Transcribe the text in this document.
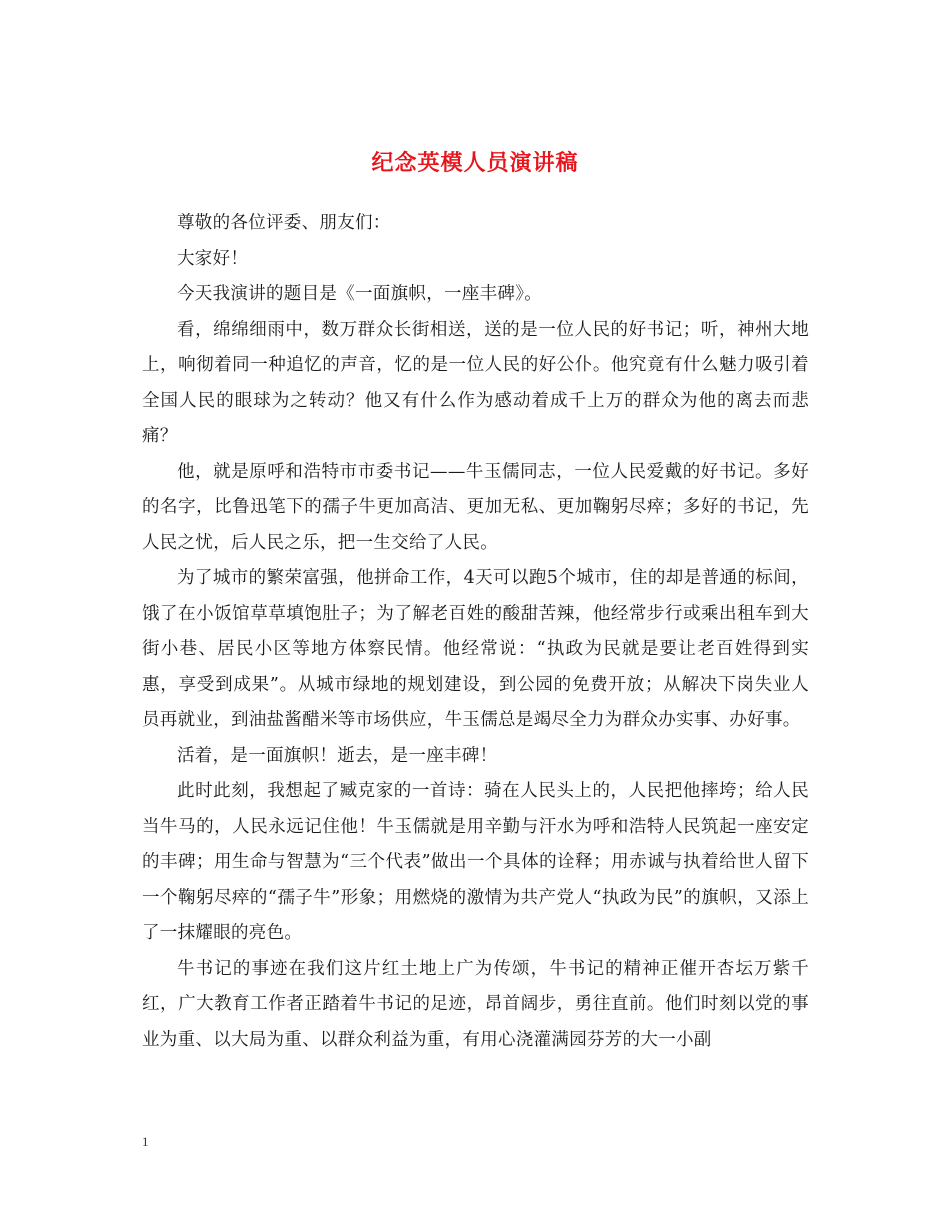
纪念英模人员演讲稿

尊敬的各位评委、朋友们：

大家好！

今天我演讲的题目是《一面旗帜，一座丰碑》。

看，绵绵细雨中，数万群众长街相送，送的是一位人民的好书记；听，神州大地上，响彻着同一种追忆的声音，忆的是一位人民的好公仆。他究竟有什么魅力吸引着全国人民的眼球为之转动？他又有什么作为感动着成千上万的群众为他的离去而悲痛？

他，就是原呼和浩特市市委书记——牛玉儒同志，一位人民爱戴的好书记。多好的名字，比鲁迅笔下的孺子牛更加高洁、更加无私、更加鞠躬尽瘁；多好的书记，先人民之忧，后人民之乐，把一生交给了人民。

为了城市的繁荣富强，他拼命工作，4天可以跑5个城市，住的却是普通的标间，饿了在小饭馆草草填饱肚子；为了解老百姓的酸甜苦辣，他经常步行或乘出租车到大街小巷、居民小区等地方体察民情。他经常说：“执政为民就是要让老百姓得到实惠，享受到成果”。从城市绿地的规划建设，到公园的免费开放；从解决下岗失业人员再就业，到油盐酱醋米等市场供应，牛玉儒总是竭尽全力为群众办实事、办好事。

活着，是一面旗帜！逝去，是一座丰碑！

此时此刻，我想起了臧克家的一首诗：骑在人民头上的，人民把他摔垮；给人民当牛马的，人民永远记住他！牛玉儒就是用辛勤与汗水为呼和浩特人民筑起一座安定的丰碑；用生命与智慧为“三个代表”做出一个具体的诠释；用赤诚与执着给世人留下一个鞠躬尽瘁的“孺子牛”形象；用燃烧的激情为共产党人“执政为民”的旗帜，又添上了一抹耀眼的亮色。

牛书记的事迹在我们这片红土地上广为传颂，牛书记的精神正催开杏坛万紫千红，广大教育工作者正踏着牛书记的足迹，昂首阔步，勇往直前。他们时刻以党的事业为重、以大局为重、以群众利益为重，有用心浇灌满园芬芳的大一小副

1
